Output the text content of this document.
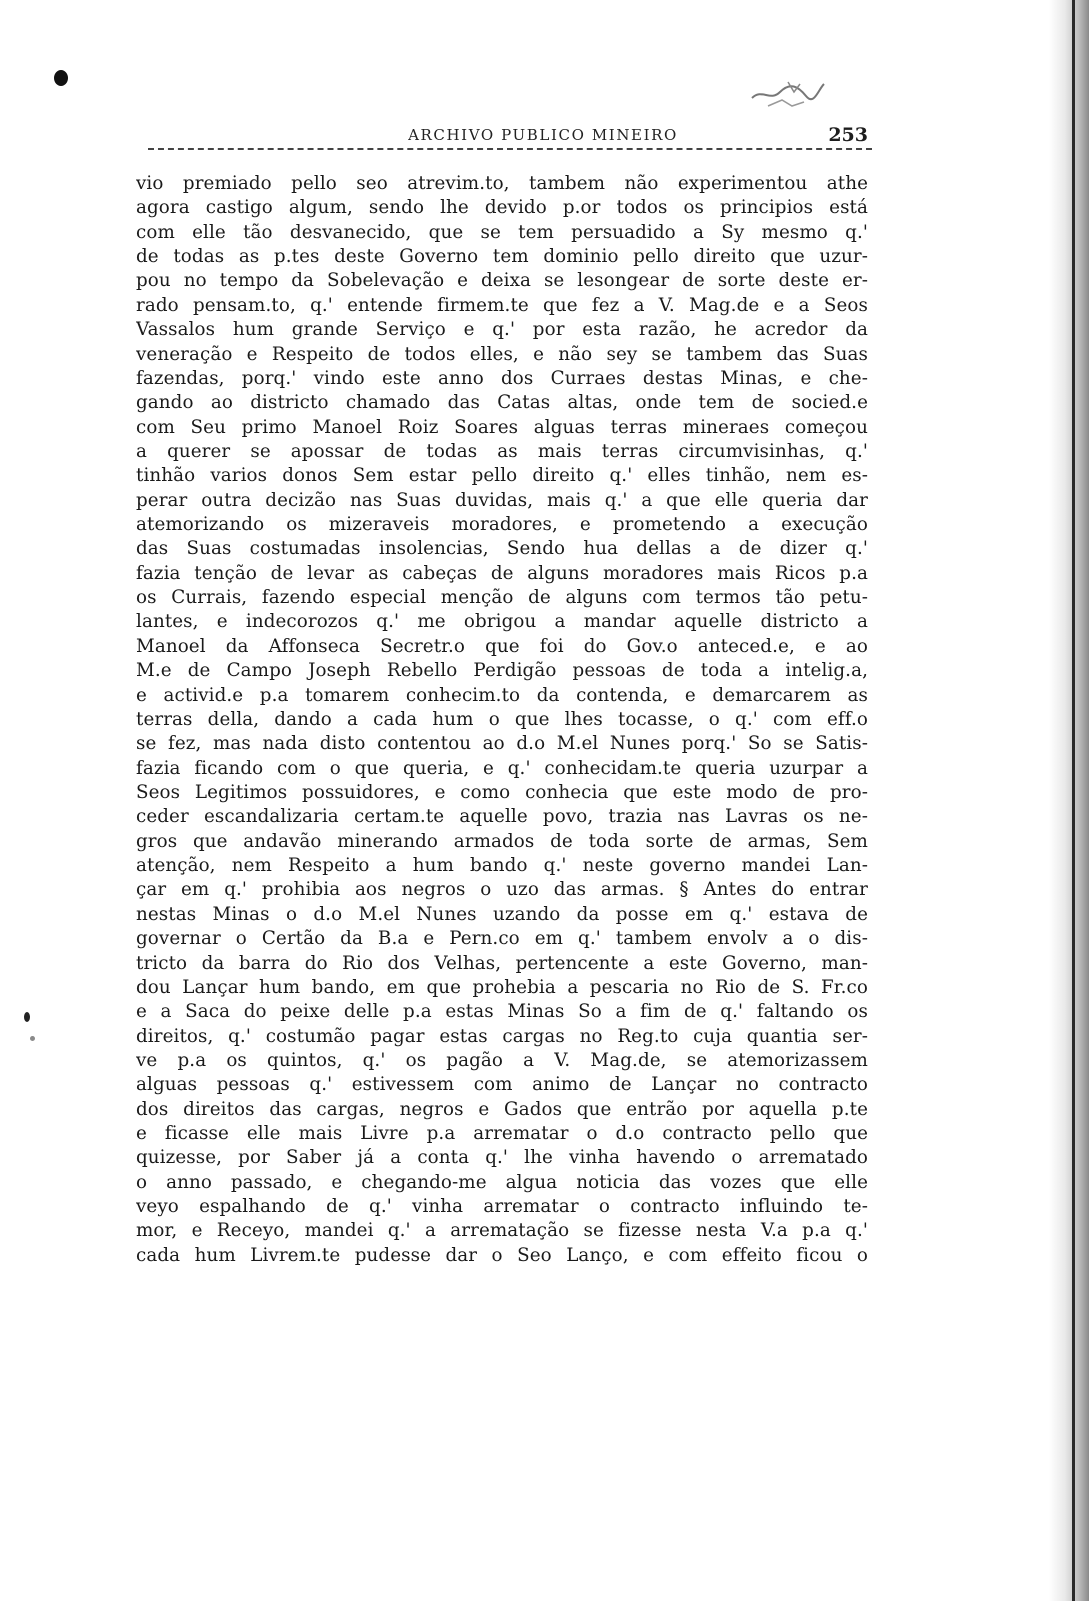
ARCHIVO PUBLICO MINEIRO	253
vio premiado pello seo atrevim.to, tambem não experimentou athe
agora castigo algum, sendo lhe devido p.or todos os principios está
com elle tão desvanecido, que se tem persuadido a Sy mesmo q.'
de todas as p.tes deste Governo tem dominio pello direito que uzur-
pou no tempo da Sobelevação e deixa se lesongear de sorte deste er-
rado pensam.to, q.' entende firmem.te que fez a V. Mag.de e a Seos
Vassalos hum grande Serviço e q.' por esta razão, he acredor da
veneração e Respeito de todos elles, e não sey se tambem das Suas
fazendas, porq.' vindo este anno dos Curraes destas Minas, e che-
gando ao districto chamado das Catas altas, onde tem de socied.e
com Seu primo Manoel Roiz Soares alguas terras mineraes começou
a querer se apossar de todas as mais terras circumvisinhas, q.'
tinhão varios donos Sem estar pello direito q.' elles tinhão, nem es-
perar outra decizão nas Suas duvidas, mais q.' a que elle queria dar
atemorizando os mizeraveis moradores, e prometendo a execução
das Suas costumadas insolencias, Sendo hua dellas a de dizer q.'
fazia tenção de levar as cabeças de alguns moradores mais Ricos p.a
os Currais, fazendo especial menção de alguns com termos tão petu-
lantes, e indecorozos q.' me obrigou a mandar aquelle districto a
Manoel da Affonseca Secretr.o que foi do Gov.o anteced.e, e ao
M.e de Campo Joseph Rebello Perdigão pessoas de toda a intelig.a,
e activid.e p.a tomarem conhecim.to da contenda, e demarcarem as
terras della, dando a cada hum o que lhes tocasse, o q.' com eff.o
se fez, mas nada disto contentou ao d.o M.el Nunes porq.' So se Satis-
fazia ficando com o que queria, e q.' conhecidam.te queria uzurpar a
Seos Legitimos possuidores, e como conhecia que este modo de pro-
ceder escandalizaria certam.te aquelle povo, trazia nas Lavras os ne-
gros que andavão minerando armados de toda sorte de armas, Sem
atenção, nem Respeito a hum bando q.' neste governo mandei Lan-
çar em q.' prohibia aos negros o uzo das armas. § Antes do entrar
nestas Minas o d.o M.el Nunes uzando da posse em q.' estava de
governar o Certão da B.a e Pern.co em q.' tambem envolv a o dis-
tricto da barra do Rio dos Velhas, pertencente a este Governo, man-
dou Lançar hum bando, em que prohebia a pescaria no Rio de S. Fr.co
e a Saca do peixe delle p.a estas Minas So a fim de q.' faltando os
direitos, q.' costumão pagar estas cargas no Reg.to cuja quantia ser-
ve p.a os quintos, q.' os pagão a V. Mag.de, se atemorizassem
alguas pessoas q.' estivessem com animo de Lançar no contracto
dos direitos das cargas, negros e Gados que entrão por aquella p.te
e ficasse elle mais Livre p.a arrematar o d.o contracto pello que
quizesse, por Saber já a conta q.' lhe vinha havendo o arrematado
o anno passado, e chegando-me algua noticia das vozes que elle
veyo espalhando de q.' vinha arrematar o contracto influindo te-
mor, e Receyo, mandei q.' a arrematação se fizesse nesta V.a p.a q.'
cada hum Livrem.te pudesse dar o Seo Lanço, e com effeito ficou o
